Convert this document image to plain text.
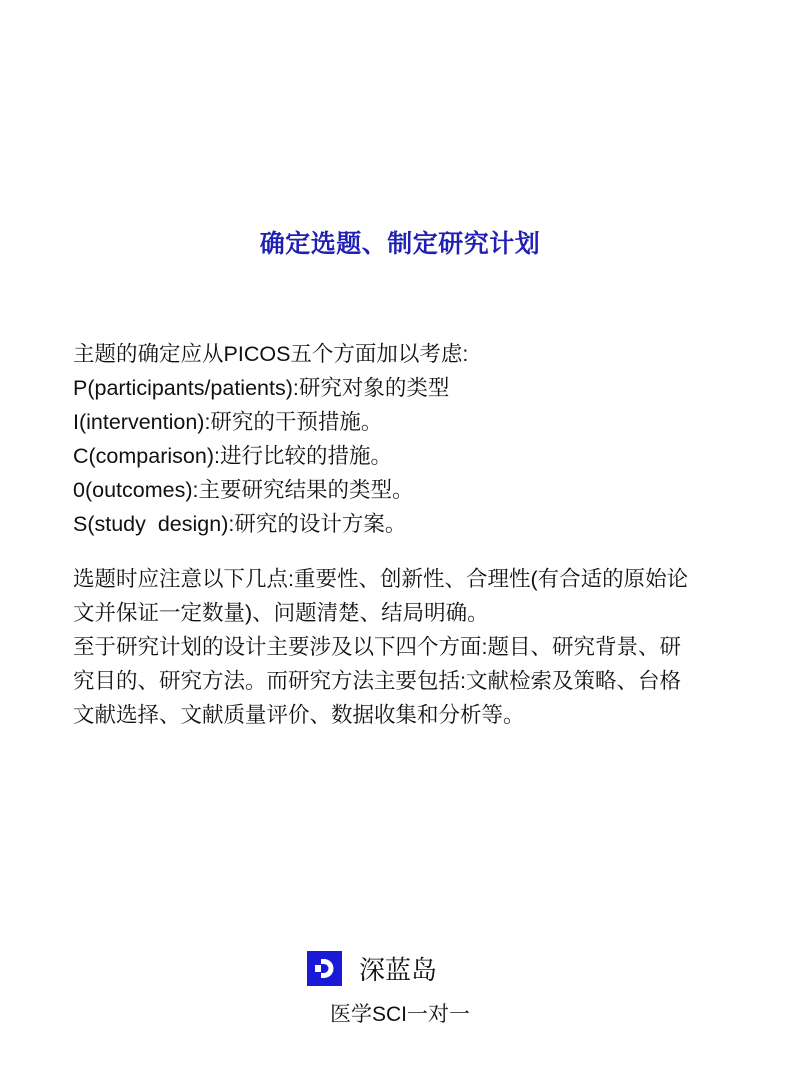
确定选题、制定研究计划
主题的确定应从PICOS五个方面加以考虑:
P(participants/patients):研究对象的类型
I(intervention):研究的干预措施。
C(comparison):进行比较的措施。
0(outcomes):主要研究结果的类型。
S(study  design):研究的设计方案。
选题时应注意以下几点:重要性、创新性、合理性(有合适的原始论
文并保证一定数量)、问题清楚、结局明确。
至于研究计划的设计主要涉及以下四个方面:题目、研究背景、研
究目的、研究方法。而研究方法主要包括:文献检索及策略、台格
文献选择、文献质量评价、数据收集和分析等。
深蓝岛
医学SCI一对一
